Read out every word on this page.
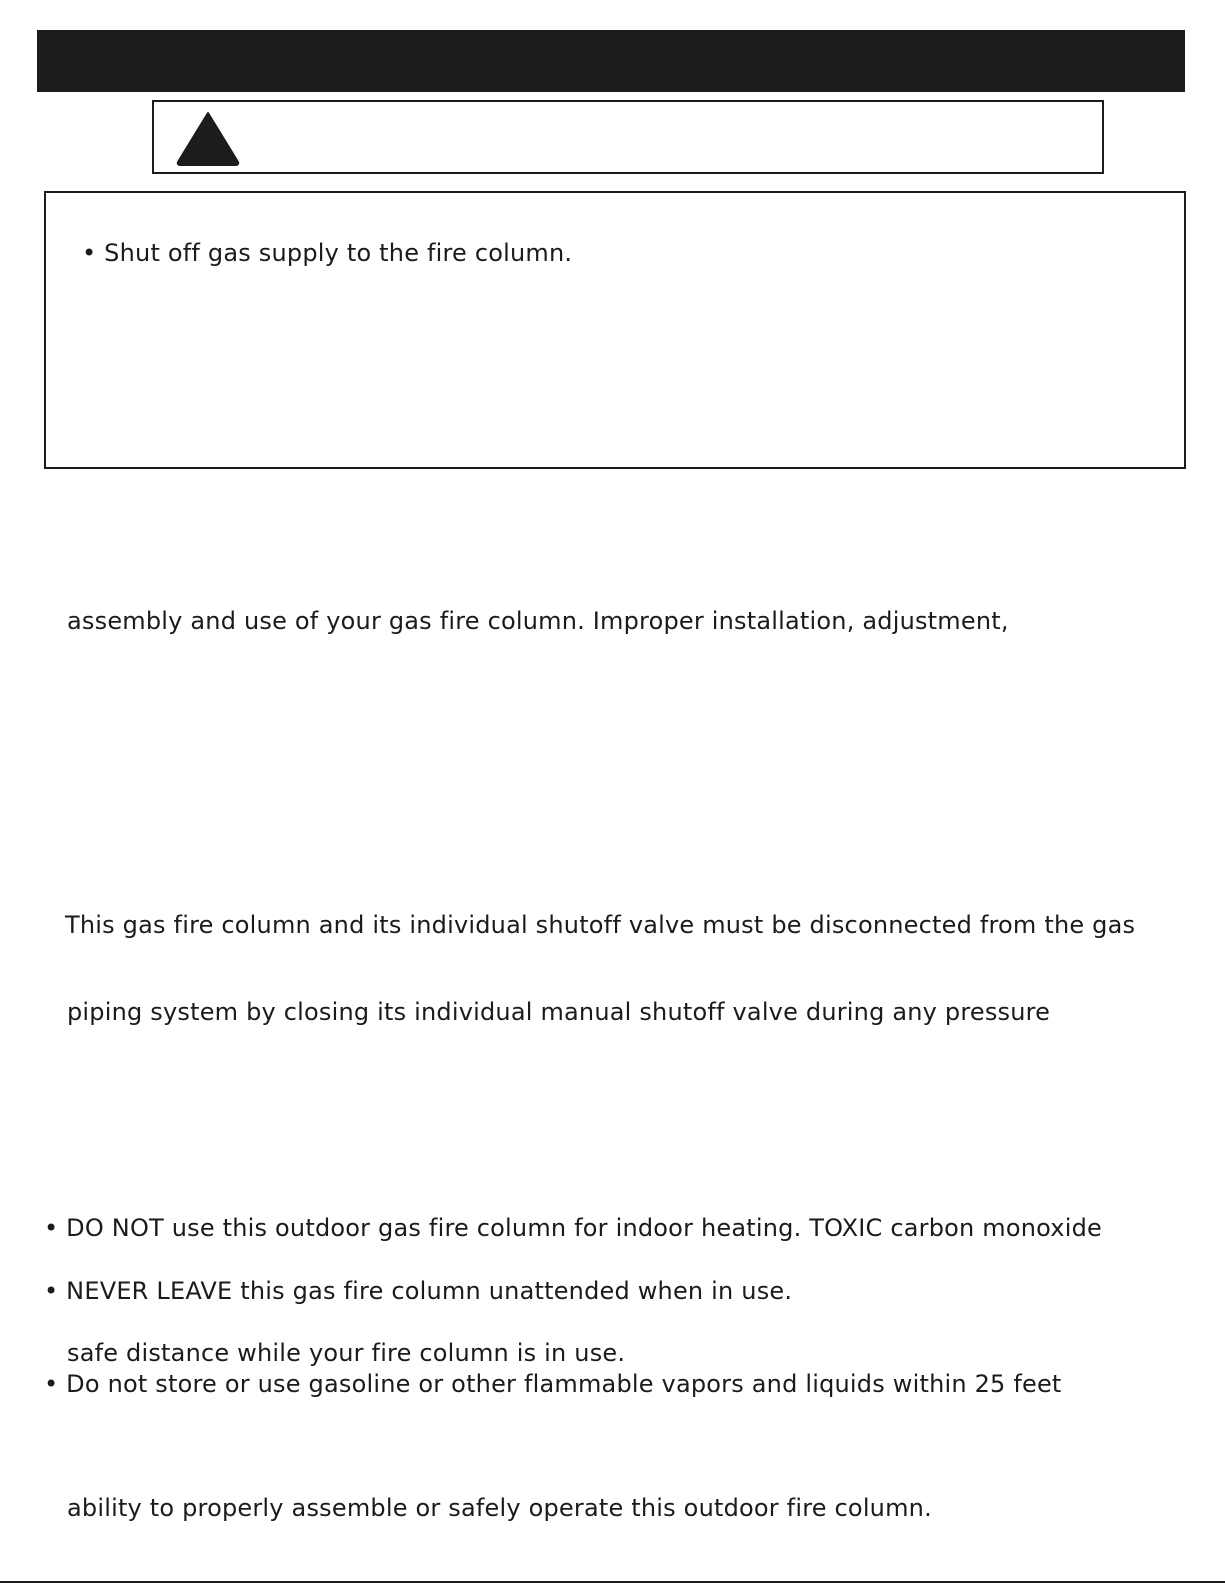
• Shut off gas supply to the fire column.

assembly and use of your gas fire column. Improper installation, adjustment,

This gas fire column and its individual shutoff valve must be disconnected from the gas

piping system by closing its individual manual shutoff valve during any pressure

• DO NOT use this outdoor gas fire column for indoor heating. TOXIC carbon monoxide

• NEVER LEAVE this gas fire column unattended when in use.

safe distance while your fire column is in use.

• Do not store or use gasoline or other flammable vapors and liquids within 25 feet

ability to properly assemble or safely operate this outdoor fire column.
